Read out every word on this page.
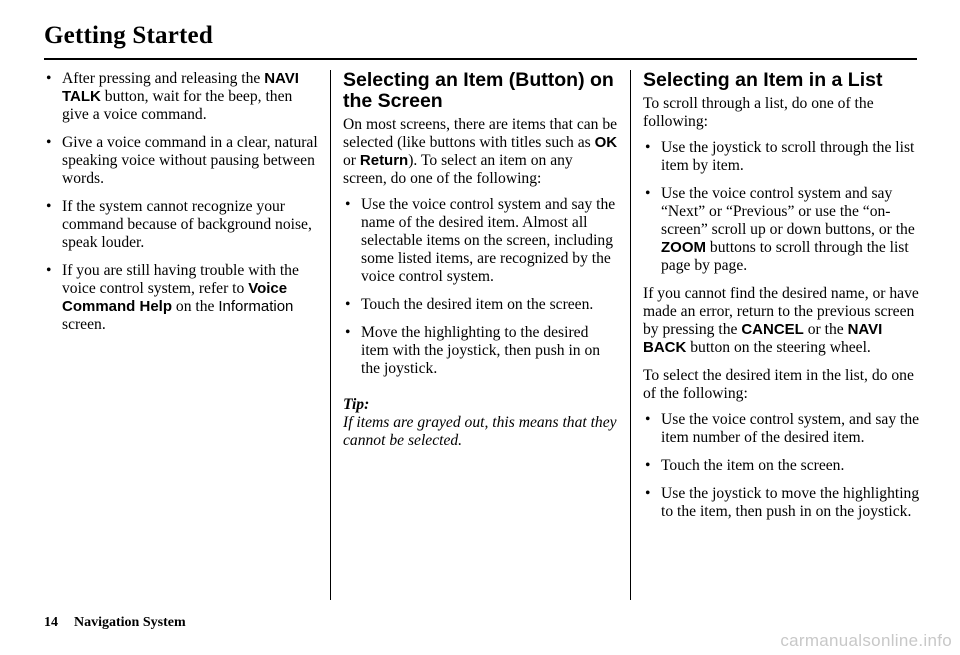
Getting Started
• After pressing and releasing the NAVI TALK button, wait for the beep, then give a voice command.
• Give a voice command in a clear, natural speaking voice without pausing between words.
• If the system cannot recognize your command because of background noise, speak louder.
• If you are still having trouble with the voice control system, refer to Voice Command Help on the Information screen.
Selecting an Item (Button) on the Screen

On most screens, there are items that can be selected (like buttons with titles such as OK or Return). To select an item on any screen, do one of the following:

• Use the voice control system and say the name of the desired item. Almost all selectable items on the screen, including some listed items, are recognized by the voice control system.
• Touch the desired item on the screen.
• Move the highlighting to the desired item with the joystick, then push in on the joystick.
Tip:
If items are grayed out, this means that they cannot be selected.
Selecting an Item in a List

To scroll through a list, do one of the following:

• Use the joystick to scroll through the list item by item.
• Use the voice control system and say “Next” or “Previous” or use the “on-screen” scroll up or down buttons, or the ZOOM buttons to scroll through the list page by page.

If you cannot find the desired name, or have made an error, return to the previous screen by pressing the CANCEL or the NAVI BACK button on the steering wheel.

To select the desired item in the list, do one of the following:

• Use the voice control system, and say the item number of the desired item.
• Touch the item on the screen.
• Use the joystick to move the highlighting to the item, then push in on the joystick.
14 Navigation System
carmanualsonline.info
